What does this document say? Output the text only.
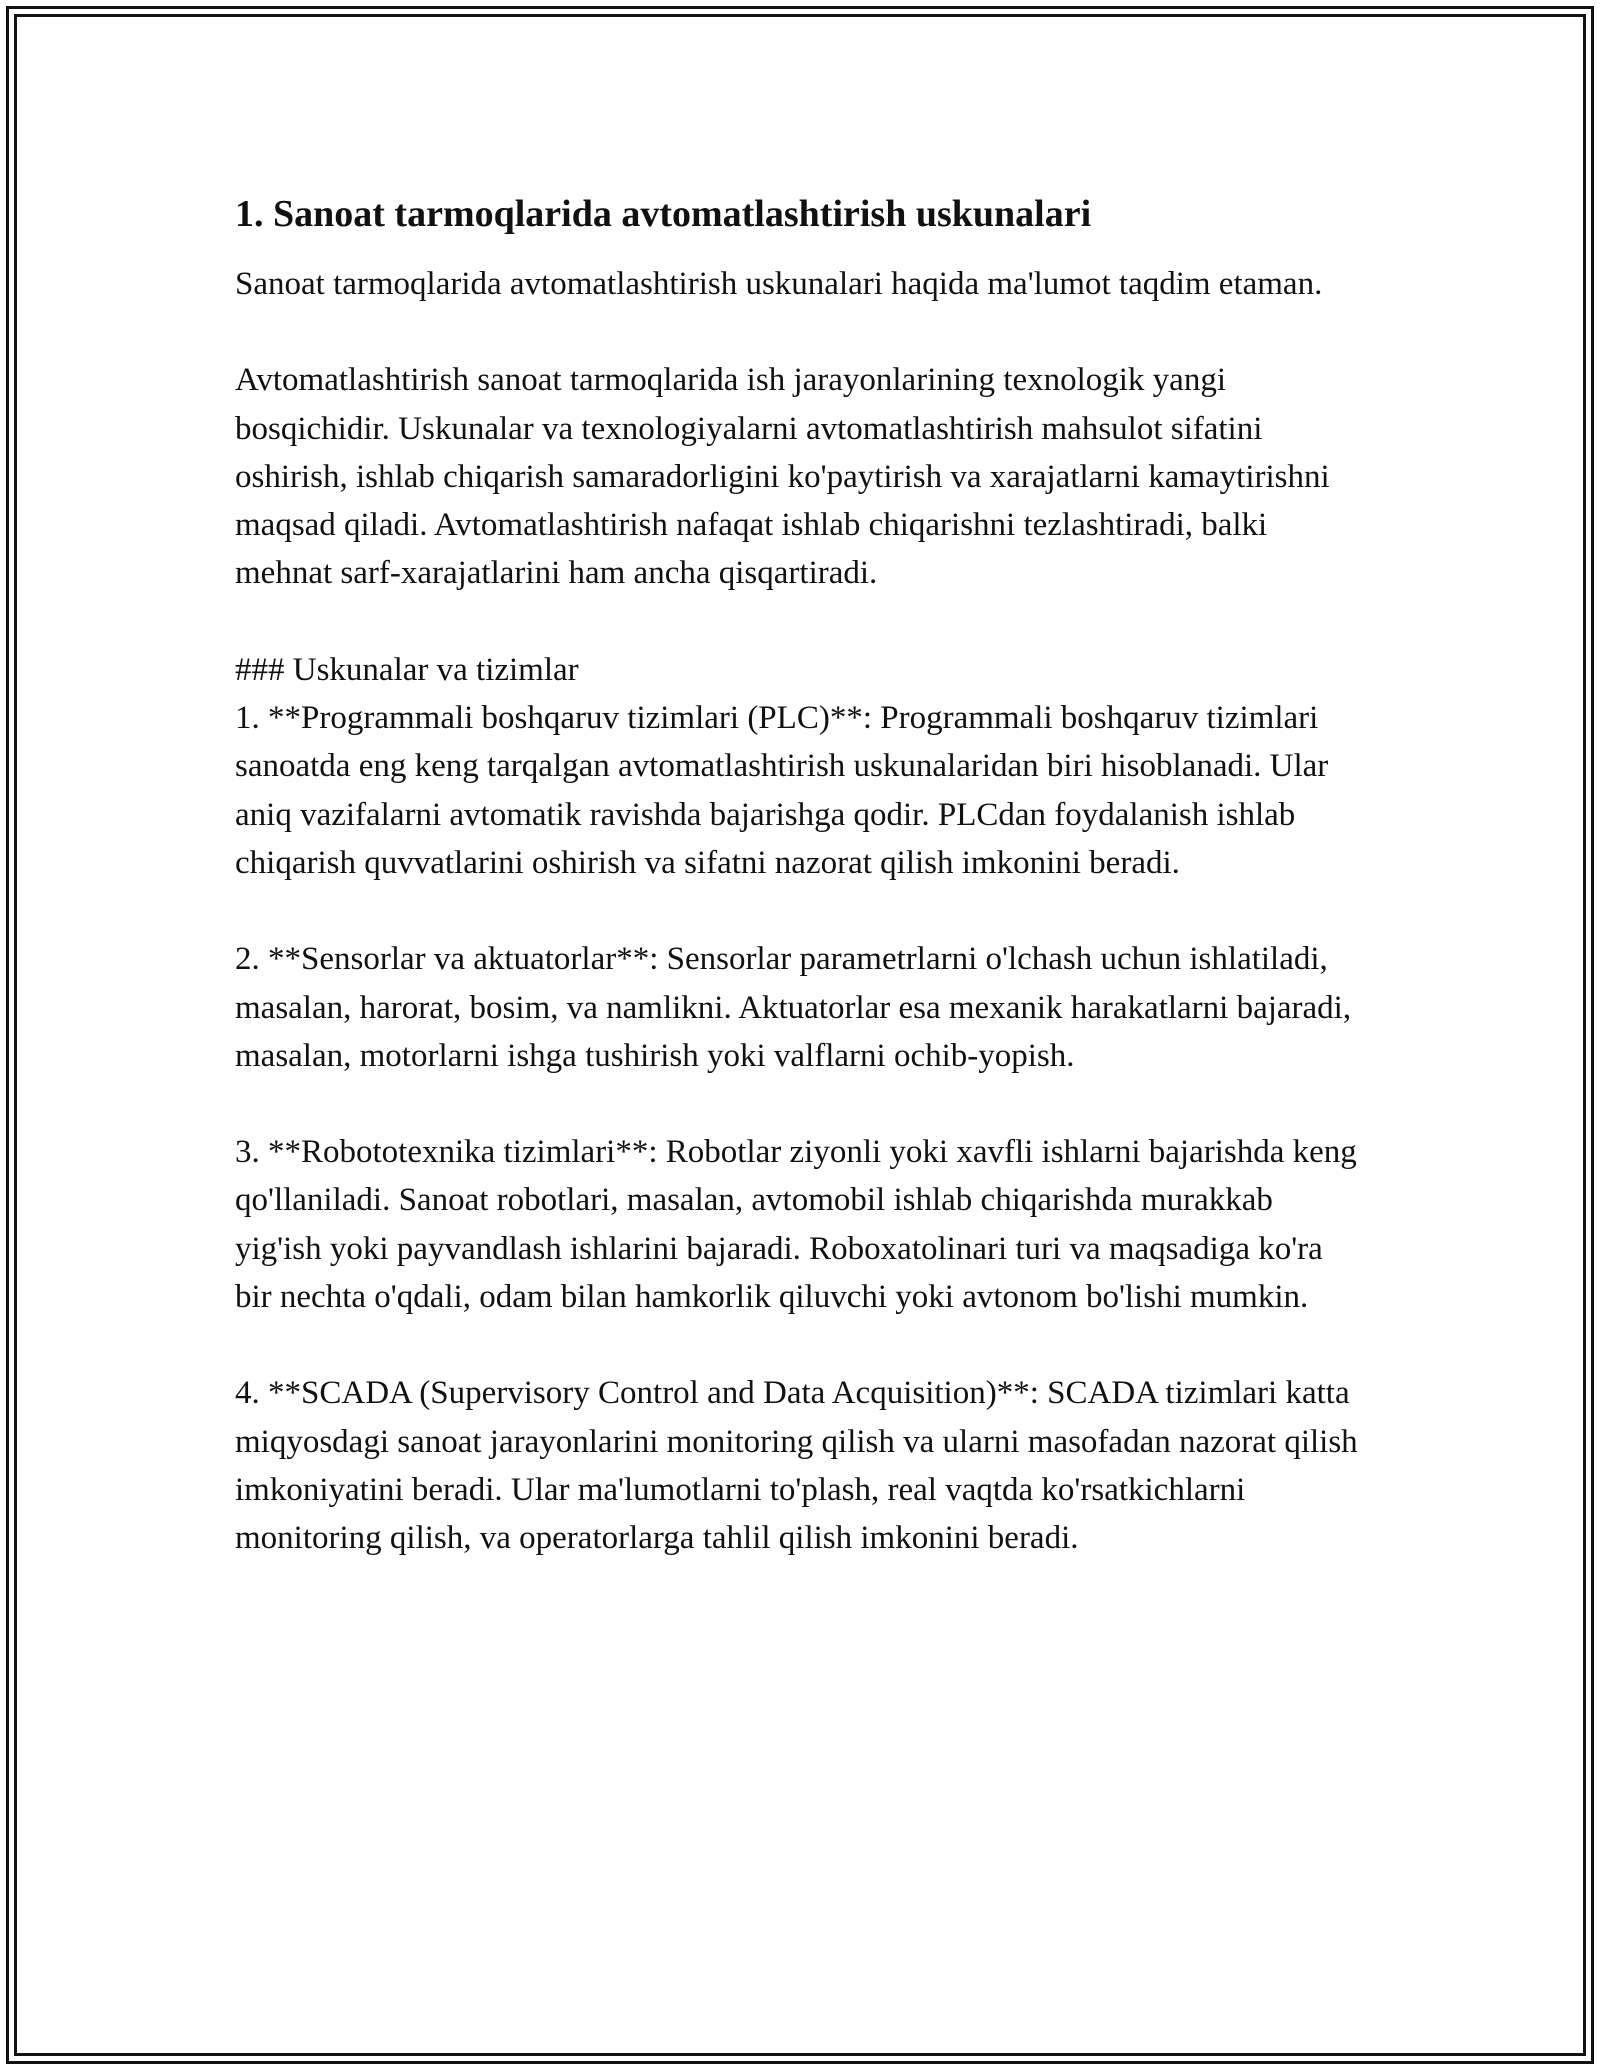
1. Sanoat tarmoqlarida avtomatlashtirish uskunalari

Sanoat tarmoqlarida avtomatlashtirish uskunalari haqida ma'lumot taqdim etaman.

Avtomatlashtirish sanoat tarmoqlarida ish jarayonlarining texnologik yangi bosqichidir. Uskunalar va texnologiyalarni avtomatlashtirish mahsulot sifatini oshirish, ishlab chiqarish samaradorligini ko'paytirish va xarajatlarni kamaytirishni maqsad qiladi. Avtomatlashtirish nafaqat ishlab chiqarishni tezlashtiradi, balki mehnat sarf-xarajatlarini ham ancha qisqartiradi.

### Uskunalar va tizimlar

1. **Programmali boshqaruv tizimlari (PLC)**: Programmali boshqaruv tizimlari sanoatda eng keng tarqalgan avtomatlashtirish uskunalaridan biri hisoblanadi. Ular aniq vazifalarni avtomatik ravishda bajarishga qodir. PLCdan foydalanish ishlab chiqarish quvvatlarini oshirish va sifatni nazorat qilish imkonini beradi.

2. **Sensorlar va aktuatorlar**: Sensorlar parametrlarni o'lchash uchun ishlatiladi, masalan, harorat, bosim, va namlikni. Aktuatorlar esa mexanik harakatlarni bajaradi, masalan, motorlarni ishga tushirish yoki valflarni ochib-yopish.

3. **Robototexnika tizimlari**: Robotlar ziyonli yoki xavfli ishlarni bajarishda keng qo'llaniladi. Sanoat robotlari, masalan, avtomobil ishlab chiqarishda murakkab yig'ish yoki payvandlash ishlarini bajaradi. Roboxatolinari turi va maqsadiga ko'ra bir nechta o'qdali, odam bilan hamkorlik qiluvchi yoki avtonom bo'lishi mumkin.

4. **SCADA (Supervisory Control and Data Acquisition)**: SCADA tizimlari katta miqyosdagi sanoat jarayonlarini monitoring qilish va ularni masofadan nazorat qilish imkoniyatini beradi. Ular ma'lumotlarni to'plash, real vaqtda ko'rsatkichlarni monitoring qilish, va operatorlarga tahlil qilish imkonini beradi.
